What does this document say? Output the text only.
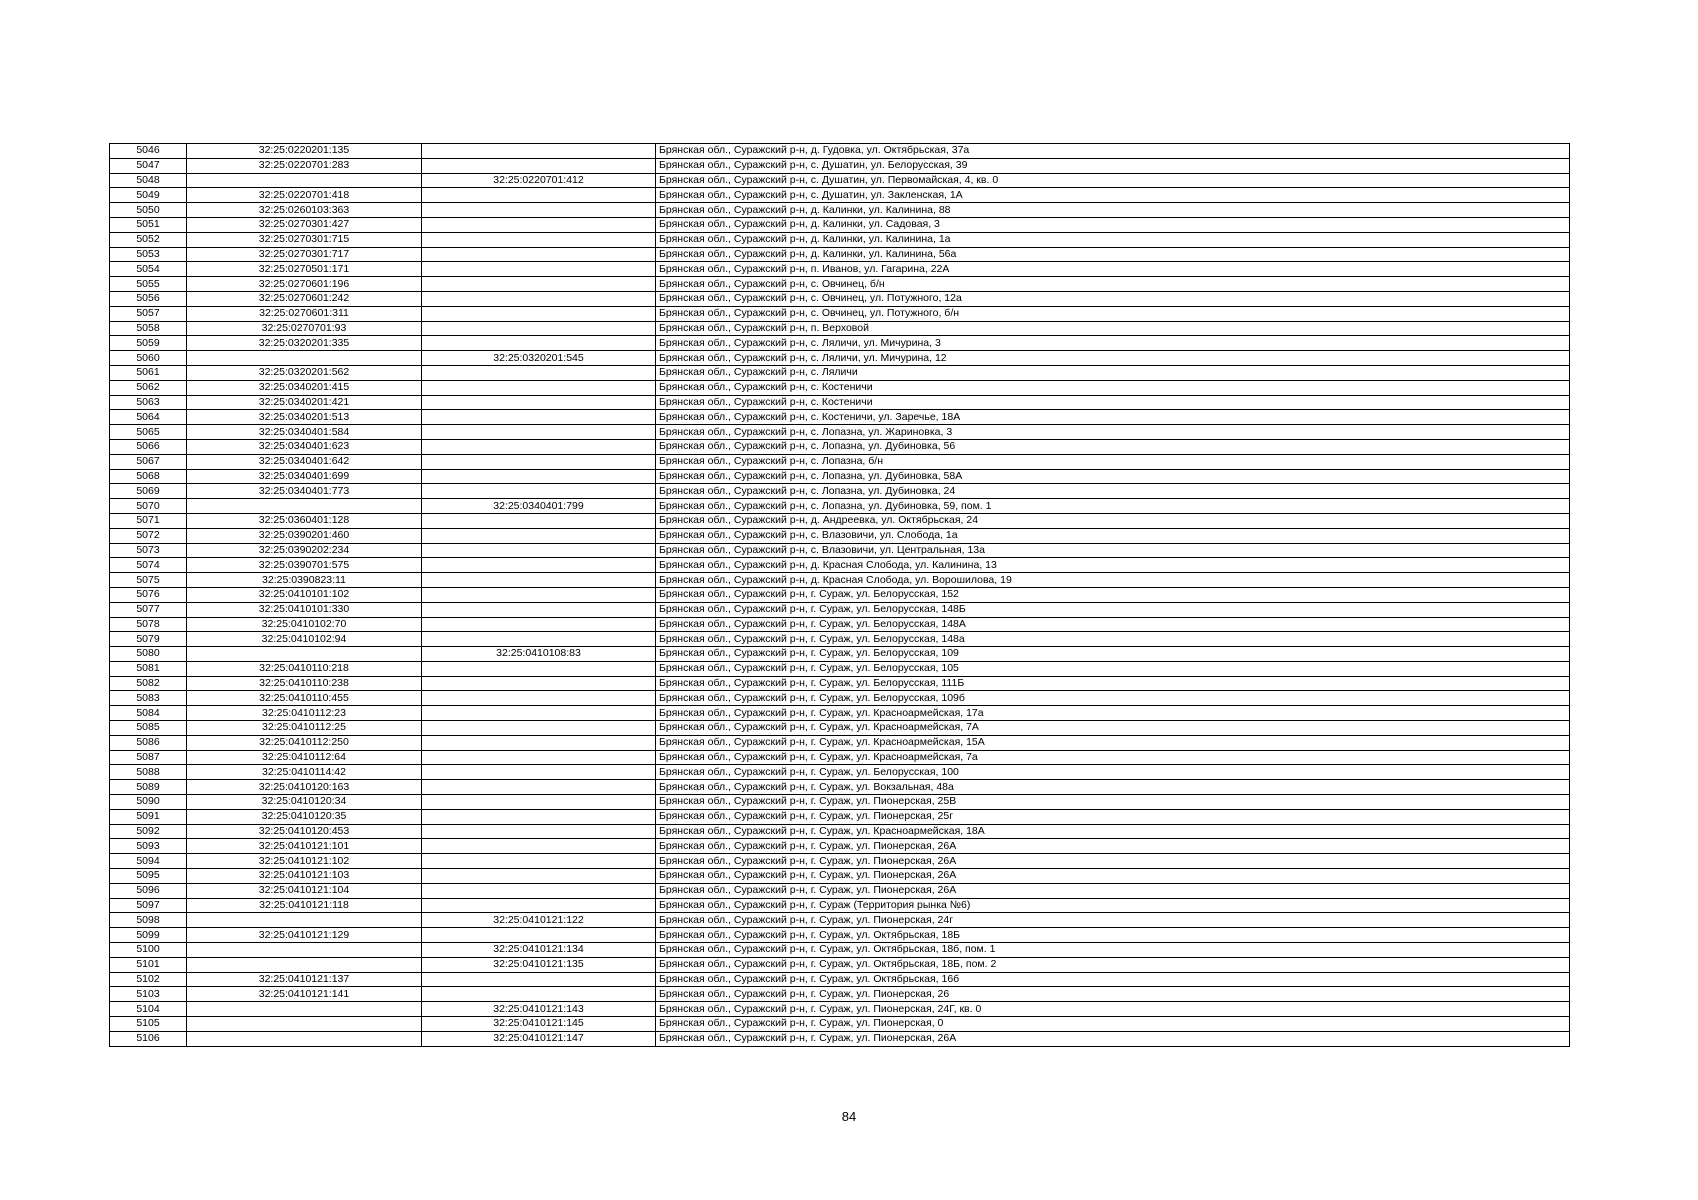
5046	32:25:0220201:135		Брянская обл., Суражский р-н, д. Гудовка, ул. Октябрьская, 37а
5047	32:25:0220701:283		Брянская обл., Суражский р-н, с. Душатин, ул. Белорусская, 39
5048		32:25:0220701:412	Брянская обл., Суражский р-н, с. Душатин, ул. Первомайская, 4, кв. 0
5049	32:25:0220701:418		Брянская обл., Суражский р-н, с. Душатин, ул. Закленская, 1А
5050	32:25:0260103:363		Брянская обл., Суражский р-н, д. Калинки, ул. Калинина, 88
5051	32:25:0270301:427		Брянская обл., Суражский р-н, д. Калинки, ул. Садовая, 3
5052	32:25:0270301:715		Брянская обл., Суражский р-н, д. Калинки, ул. Калинина, 1а
5053	32:25:0270301:717		Брянская обл., Суражский р-н, д. Калинки, ул. Калинина, 56а
5054	32:25:0270501:171		Брянская обл., Суражский р-н, п. Иванов, ул. Гагарина, 22А
5055	32:25:0270601:196		Брянская обл., Суражский р-н, с. Овчинец, б/н
5056	32:25:0270601:242		Брянская обл., Суражский р-н, с. Овчинец, ул. Потужного, 12а
5057	32:25:0270601:311		Брянская обл., Суражский р-н, с. Овчинец, ул. Потужного, б/н
5058	32:25:0270701:93		Брянская обл., Суражский р-н, п. Верховой
5059	32:25:0320201:335		Брянская обл., Суражский р-н, с. Ляличи, ул. Мичурина, 3
5060		32:25:0320201:545	Брянская обл., Суражский р-н, с. Ляличи, ул. Мичурина, 12
5061	32:25:0320201:562		Брянская обл., Суражский р-н, с. Ляличи
5062	32:25:0340201:415		Брянская обл., Суражский р-н, с. Костеничи
5063	32:25:0340201:421		Брянская обл., Суражский р-н, с. Костеничи
5064	32:25:0340201:513		Брянская обл., Суражский р-н, с. Костеничи, ул. Заречье, 18А
5065	32:25:0340401:584		Брянская обл., Суражский р-н, с. Лопазна, ул. Жариновка, 3
5066	32:25:0340401:623		Брянская обл., Суражский р-н, с. Лопазна, ул. Дубиновка, 56
5067	32:25:0340401:642		Брянская обл., Суражский р-н, с. Лопазна, б/н
5068	32:25:0340401:699		Брянская обл., Суражский р-н, с. Лопазна, ул. Дубиновка, 58А
5069	32:25:0340401:773		Брянская обл., Суражский р-н, с. Лопазна, ул. Дубиновка, 24
5070		32:25:0340401:799	Брянская обл., Суражский р-н, с. Лопазна, ул. Дубиновка, 59, пом. 1
5071	32:25:0360401:128		Брянская обл., Суражский р-н, д. Андреевка, ул. Октябрьская, 24
5072	32:25:0390201:460		Брянская обл., Суражский р-н, с. Влазовичи, ул. Слобода, 1а
5073	32:25:0390202:234		Брянская обл., Суражский р-н, с. Влазовичи, ул. Центральная, 13а
5074	32:25:0390701:575		Брянская обл., Суражский р-н, д. Красная Слобода, ул. Калинина, 13
5075	32:25:0390823:11		Брянская обл., Суражский р-н, д. Красная Слобода, ул. Ворошилова, 19
5076	32:25:0410101:102		Брянская обл., Суражский р-н, г. Сураж, ул. Белорусская, 152
5077	32:25:0410101:330		Брянская обл., Суражский р-н, г. Сураж, ул. Белорусская, 148Б
5078	32:25:0410102:70		Брянская обл., Суражский р-н, г. Сураж, ул. Белорусская, 148А
5079	32:25:0410102:94		Брянская обл., Суражский р-н, г. Сураж, ул. Белорусская, 148а
5080		32:25:0410108:83	Брянская обл., Суражский р-н, г. Сураж, ул. Белорусская, 109
5081	32:25:0410110:218		Брянская обл., Суражский р-н, г. Сураж, ул. Белорусская, 105
5082	32:25:0410110:238		Брянская обл., Суражский р-н, г. Сураж, ул. Белорусская, 111Б
5083	32:25:0410110:455		Брянская обл., Суражский р-н, г. Сураж, ул. Белорусская, 109б
5084	32:25:0410112:23		Брянская обл., Суражский р-н, г. Сураж, ул. Красноармейская, 17а
5085	32:25:0410112:25		Брянская обл., Суражский р-н, г. Сураж, ул. Красноармейская, 7А
5086	32:25:0410112:250		Брянская обл., Суражский р-н, г. Сураж, ул. Красноармейская, 15А
5087	32:25:0410112:64		Брянская обл., Суражский р-н, г. Сураж, ул. Красноармейская, 7а
5088	32:25:0410114:42		Брянская обл., Суражский р-н, г. Сураж, ул. Белорусская, 100
5089	32:25:0410120:163		Брянская обл., Суражский р-н, г. Сураж, ул. Вокзальная, 48а
5090	32:25:0410120:34		Брянская обл., Суражский р-н, г. Сураж, ул. Пионерская, 25В
5091	32:25:0410120:35		Брянская обл., Суражский р-н, г. Сураж, ул. Пионерская, 25г
5092	32:25:0410120:453		Брянская обл., Суражский р-н, г. Сураж, ул. Красноармейская, 18А
5093	32:25:0410121:101		Брянская обл., Суражский р-н, г. Сураж, ул. Пионерская, 26А
5094	32:25:0410121:102		Брянская обл., Суражский р-н, г. Сураж, ул. Пионерская, 26А
5095	32:25:0410121:103		Брянская обл., Суражский р-н, г. Сураж, ул. Пионерская, 26А
5096	32:25:0410121:104		Брянская обл., Суражский р-н, г. Сураж, ул. Пионерская, 26А
5097	32:25:0410121:118		Брянская обл., Суражский р-н, г. Сураж (Территория рынка №6)
5098		32:25:0410121:122	Брянская обл., Суражский р-н, г. Сураж, ул. Пионерская, 24г
5099	32:25:0410121:129		Брянская обл., Суражский р-н, г. Сураж, ул. Октябрьская, 18Б
5100		32:25:0410121:134	Брянская обл., Суражский р-н, г. Сураж, ул. Октябрьская, 18б, пом. 1
5101		32:25:0410121:135	Брянская обл., Суражский р-н, г. Сураж, ул. Октябрьская, 18Б, пом. 2
5102	32:25:0410121:137		Брянская обл., Суражский р-н, г. Сураж, ул. Октябрьская, 16б
5103	32:25:0410121:141		Брянская обл., Суражский р-н, г. Сураж, ул. Пионерская, 26
5104		32:25:0410121:143	Брянская обл., Суражский р-н, г. Сураж, ул. Пионерская, 24Г, кв. 0
5105		32:25:0410121:145	Брянская обл., Суражский р-н, г. Сураж, ул. Пионерская, 0
5106		32:25:0410121:147	Брянская обл., Суражский р-н, г. Сураж, ул. Пионерская, 26А
84
